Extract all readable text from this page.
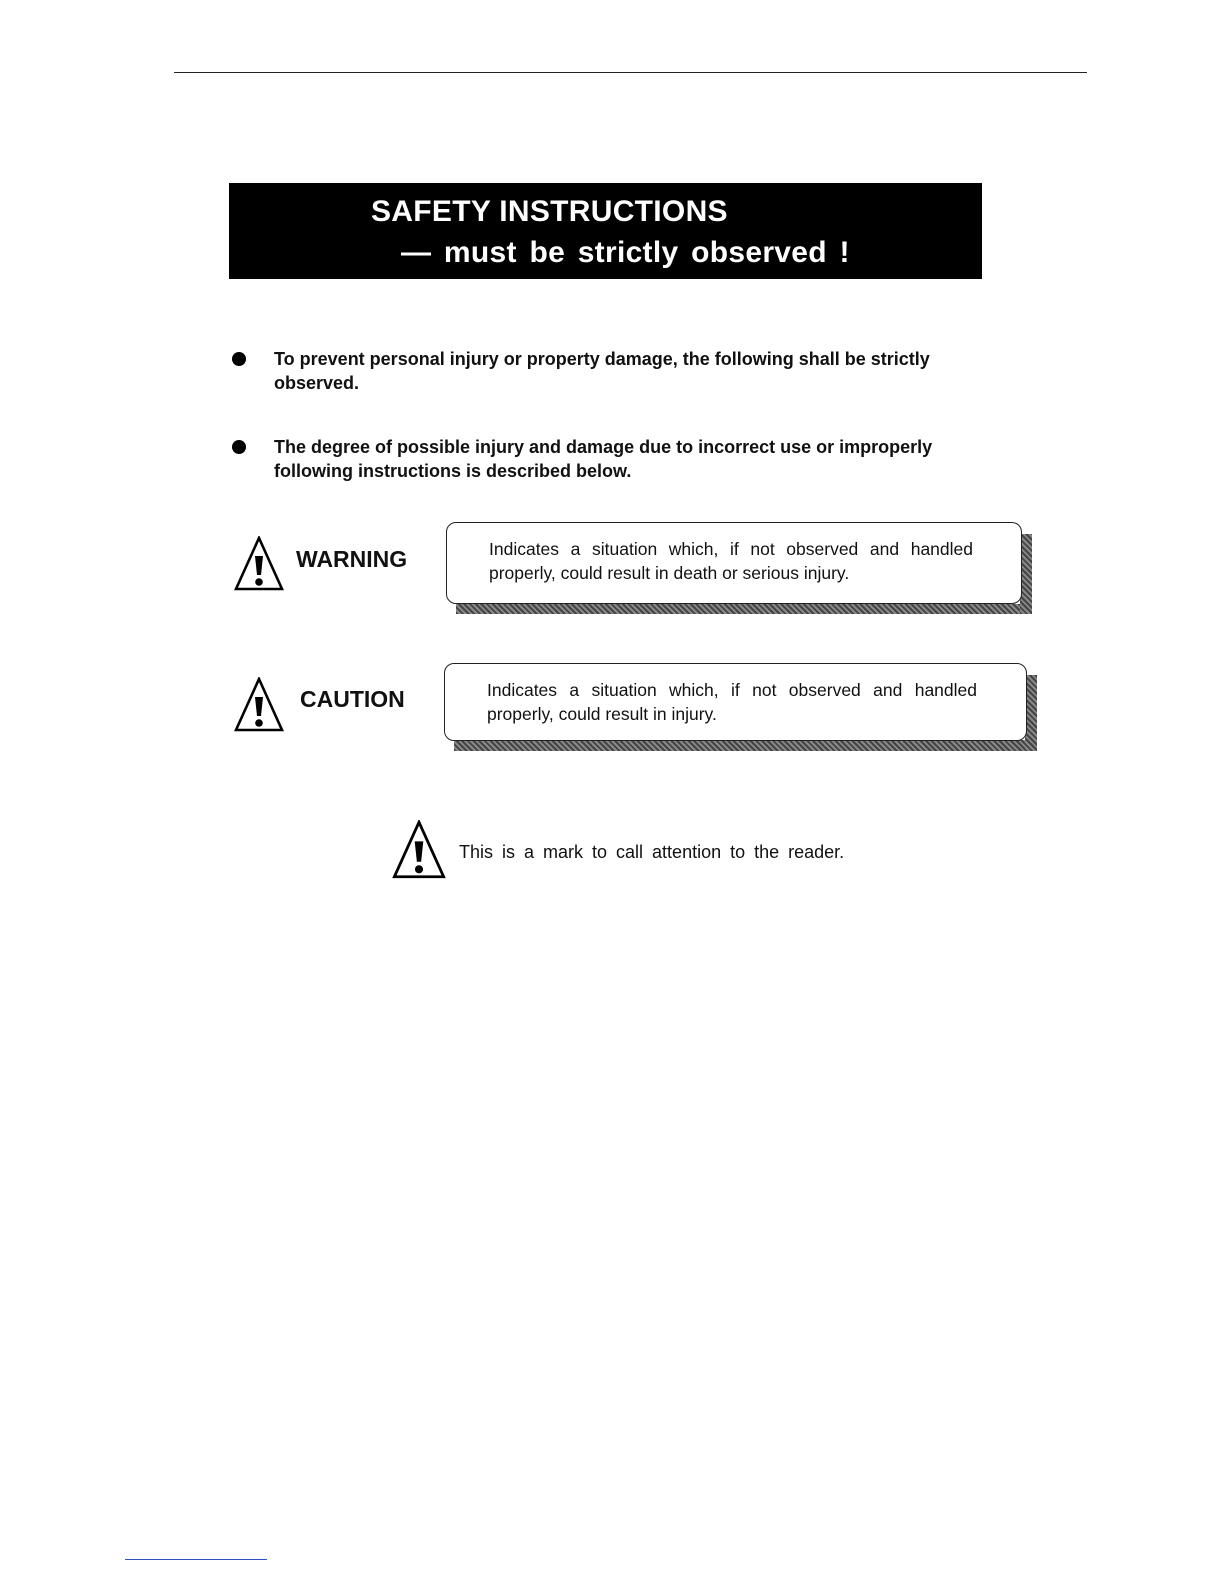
SAFETY INSTRUCTIONS
— must be strictly observed !
To prevent personal injury or property damage, the following shall be strictly observed.
The degree of possible injury and damage due to incorrect use or improperly following instructions is described below.
WARNING	Indicates a situation which, if not observed and handled properly, could result in death or serious injury.
CAUTION	Indicates a situation which, if not observed and handled properly, could result in injury.
This is a mark to call attention to the reader.
